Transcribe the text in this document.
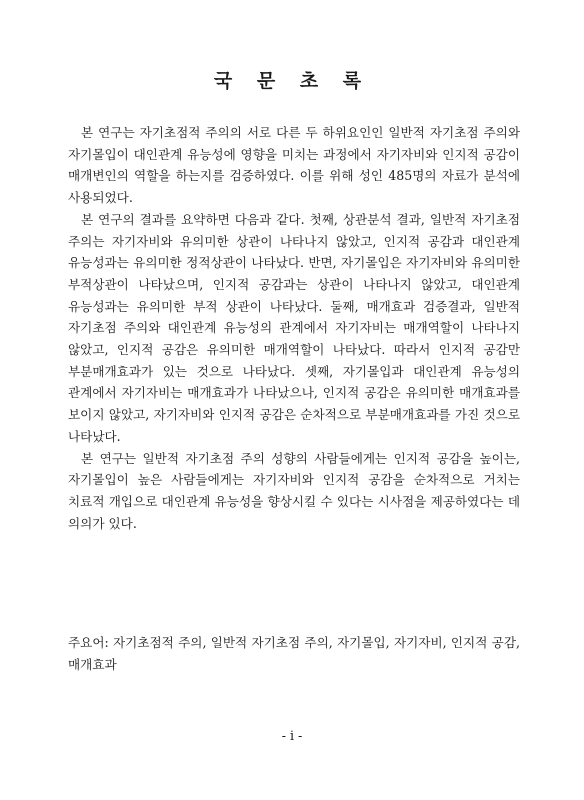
국 문 초 록

본 연구는 자기초점적 주의의 서로 다른 두 하위요인인 일반적 자기초점 주의와 자기몰입이 대인관계 유능성에 영향을 미치는 과정에서 자기자비와 인지적 공감이 매개변인의 역할을 하는지를 검증하였다. 이를 위해 성인 485명의 자료가 분석에 사용되었다.

본 연구의 결과를 요약하면 다음과 같다. 첫째, 상관분석 결과, 일반적 자기초점 주의는 자기자비와 유의미한 상관이 나타나지 않았고, 인지적 공감과 대인관계 유능성과는 유의미한 정적상관이 나타났다. 반면, 자기몰입은 자기자비와 유의미한 부적상관이 나타났으며, 인지적 공감과는 상관이 나타나지 않았고, 대인관계 유능성과는 유의미한 부적 상관이 나타났다. 둘째, 매개효과 검증결과, 일반적 자기초점 주의와 대인관계 유능성의 관계에서 자기자비는 매개역할이 나타나지 않았고, 인지적 공감은 유의미한 매개역할이 나타났다. 따라서 인지적 공감만 부분매개효과가 있는 것으로 나타났다. 셋째, 자기몰입과 대인관계 유능성의 관계에서 자기자비는 매개효과가 나타났으나, 인지적 공감은 유의미한 매개효과를 보이지 않았고, 자기자비와 인지적 공감은 순차적으로 부분매개효과를 가진 것으로 나타났다.

본 연구는 일반적 자기초점 주의 성향의 사람들에게는 인지적 공감을 높이는, 자기몰입이 높은 사람들에게는 자기자비와 인지적 공감을 순차적으로 거치는 치료적 개입으로 대인관계 유능성을 향상시킬 수 있다는 시사점을 제공하였다는 데 의의가 있다.

주요어: 자기초점적 주의, 일반적 자기초점 주의, 자기몰입, 자기자비, 인지적 공감, 매개효과

- i -
